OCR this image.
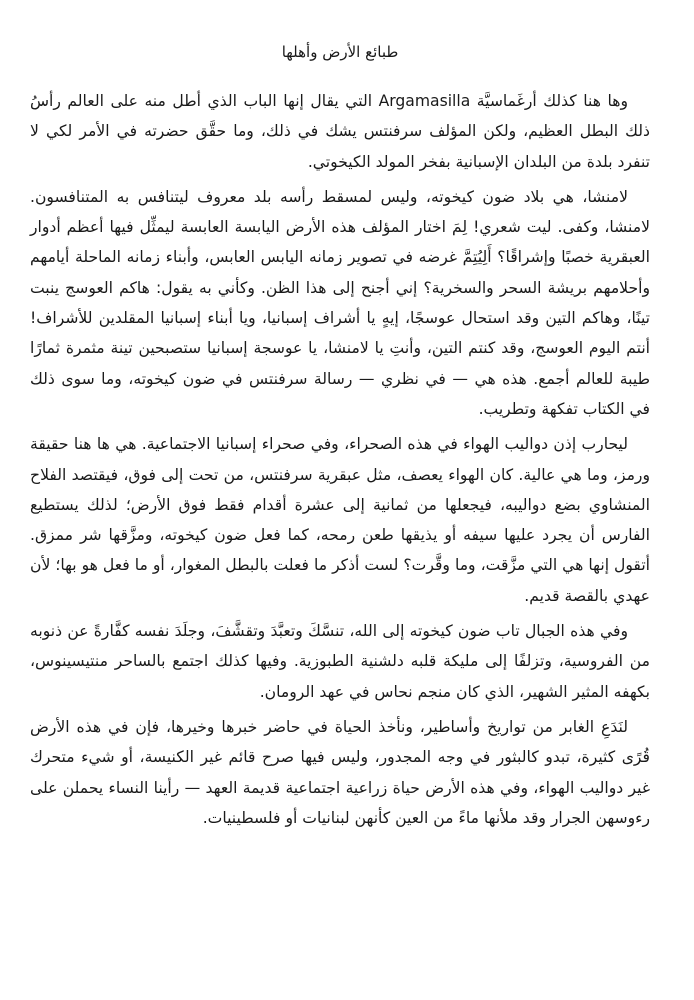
طبائع الأرض وأهلها

وها هنا كذلك أرغَماسيَّة Argamasilla التي يقال إنها الباب الذي أطل منه على العالم رأسُ ذلك البطل العظيم، ولكن المؤلف سرفنتس يشك في ذلك، وما حقَّق حضرته في الأمر لكي لا تنفرد بلدة من البلدان الإسبانية بفخر المولد الكيخوتي.

لامنشا، هي بلاد ضون كيخوته، وليس لمسقط رأسه بلد معروف ليتنافس به المتنافسون. لامنشا، وكفى. ليت شعري! لِمَ اختار المؤلف هذه الأرض اليابسة العابسة ليمثِّل فيها أعظم أدوار العبقرية خصبًا وإشراقًا؟ أَلِيُتِمَّ غرضه في تصوير زمانه اليابس العابس، وأبناء زمانه الماحلة أيامهم وأحلامهم بريشة السحر والسخرية؟ إني أجنح إلى هذا الظن. وكأني به يقول: هاكم العوسج ينبت تينًا، وهاكم التين وقد استحال عوسجًا، إيهٍ يا أشراف إسبانيا، ويا أبناء إسبانيا المقلدين للأشراف! أنتم اليوم العوسج، وقد كنتم التين، وأنتِ يا لامنشا، يا عوسجة إسبانيا ستصبحين تينة مثمرة ثمارًا طيبة للعالم أجمع. هذه هي — في نظري — رسالة سرفنتس في ضون كيخوته، وما سوى ذلك في الكتاب تفكهة وتطريب.

ليحارب إذن دواليب الهواء في هذه الصحراء، وفي صحراء إسبانيا الاجتماعية. هي ها هنا حقيقة ورمز، وما هي عالية. كان الهواء يعصف، مثل عبقرية سرفنتس، من تحت إلى فوق، فيقتصد الفلاح المنشاوي بضع دواليبه، فيجعلها من ثمانية إلى عشرة أقدام فقط فوق الأرض؛ لذلك يستطيع الفارس أن يجرد عليها سيفه أو يذيقها طعن رمحه، كما فعل ضون كيخوته، ومزَّقها شر ممزق. أتقول إنها هي التي مزَّقت، وما وقَّرت؟ لست أذكر ما فعلت بالبطل المغوار، أو ما فعل هو بها؛ لأن عهدي بالقصة قديم.

وفي هذه الجبال تاب ضون كيخوته إلى الله، تنسَّكَ وتعبَّدَ وتقشَّفَ، وجلَدَ نفسه كفَّارةً عن ذنوبه من الفروسية، وتزلفًا إلى مليكة قلبه دلشنية الطبوزية. وفيها كذلك اجتمع بالساحر منتيسينوس، بكهفه المثير الشهير، الذي كان منجم نحاس في عهد الرومان.

لنَدَعِ الغابر من تواريخ وأساطير، ونأخذ الحياة في حاضر خبرها وخيرها، فإن في هذه الأرض قُرًى كثيرة، تبدو كالبثور في وجه المجدور، وليس فيها صرح قائم غير الكنيسة، أو شيء متحرك غير دواليب الهواء، وفي هذه الأرض حياة زراعية اجتماعية قديمة العهد — رأينا النساء يحملن على رءوسهن الجرار وقد ملأنها ماءً من العين كأنهن لبنانيات أو فلسطينيات.
